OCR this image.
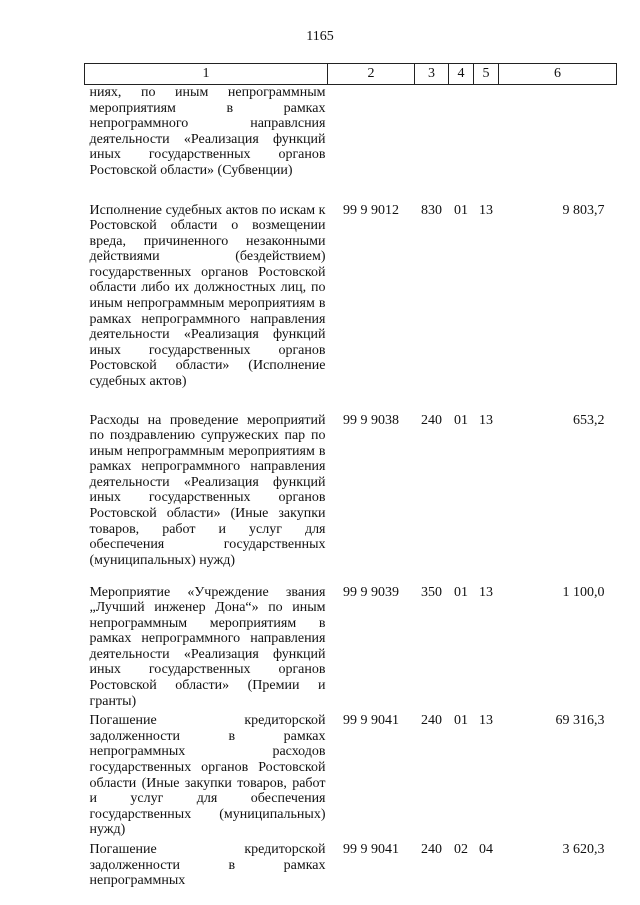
1165
1	2	3	4	5	6
ниях, по иным непрограммным мероприятиям в рамках непрограммного направлсния деятельности «Реализация функций иных государственных органов Ростовской области» (Субвенции)					
Исполнение судебных актов по искам к Ростовской области о возмещении вреда, причиненного незаконными действиями (бездействием) государственных органов Ростовской области либо их должностных лиц, по иным непрограммным мероприятиям в рамках непрограммного направления деятельности «Реализация функций иных государственных органов Ростовской области» (Исполнение судебных актов)	99 9 9012	830	01	13	9 803,7
Расходы на проведение мероприятий по поздравлению супружеских пар по иным непрограммным мероприятиям в рамках непрограммного направления деятельности «Реализация функций иных государственных органов Ростовской области» (Иные закупки товаров, работ и услуг для обеспечения государственных (муниципальных) нужд)	99 9 9038	240	01	13	653,2
Мероприятие «Учреждение звания „Лучший инженер Дона“» по иным непрограммным мероприятиям в рамках непрограммного направления деятельности «Реализация функций иных государственных органов Ростовской области» (Премии и гранты)	99 9 9039	350	01	13	1 100,0
Погашение кредиторской задолженности в рамках непрограммных расходов государственных органов Ростовской области (Иные закупки товаров, работ и услуг для обеспечения государственных (муниципальных) нужд)	99 9 9041	240	01	13	69 316,3
Погашение кредиторской задолженности в рамках непрограммных	99 9 9041	240	02	04	3 620,3
